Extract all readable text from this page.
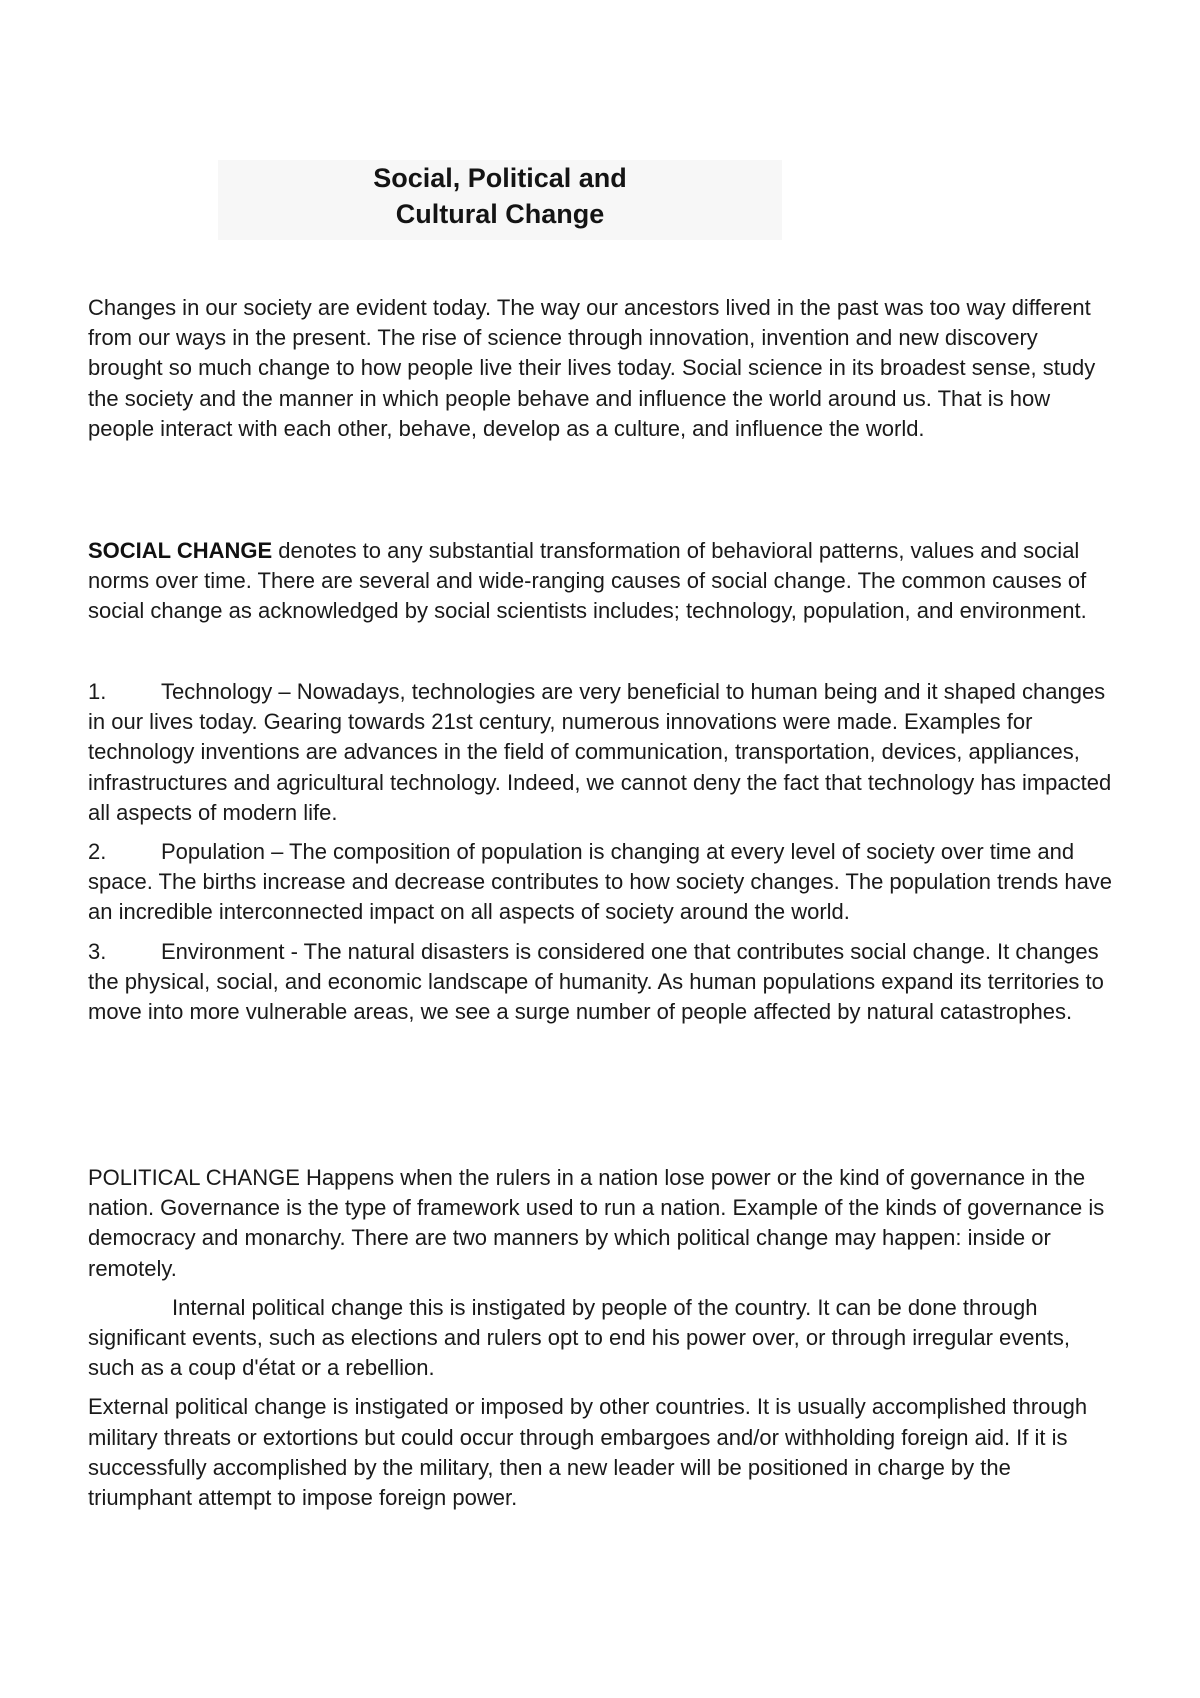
Social, Political and
Cultural Change

Changes in our society are evident today. The way our ancestors lived in the past was too way different from our ways in the present. The rise of science through innovation, invention and new discovery brought so much change to how people live their lives today. Social science in its broadest sense, study the society and the manner in which people behave and influence the world around us. That is how people interact with each other, behave, develop as a culture, and influence the world.

SOCIAL CHANGE denotes to any substantial transformation of behavioral patterns, values and social norms over time. There are several and wide-ranging causes of social change. The common causes of social change as acknowledged by social scientists includes; technology, population, and environment.

1. Technology – Nowadays, technologies are very beneficial to human being and it shaped changes in our lives today. Gearing towards 21st century, numerous innovations were made. Examples for technology inventions are advances in the field of communication, transportation, devices, appliances, infrastructures and agricultural technology. Indeed, we cannot deny the fact that technology has impacted all aspects of modern life.

2. Population – The composition of population is changing at every level of society over time and space. The births increase and decrease contributes to how society changes. The population trends have an incredible interconnected impact on all aspects of society around the world.

3. Environment - The natural disasters is considered one that contributes social change. It changes the physical, social, and economic landscape of humanity. As human populations expand its territories to move into more vulnerable areas, we see a surge number of people affected by natural catastrophes.

POLITICAL CHANGE Happens when the rulers in a nation lose power or the kind of governance in the nation. Governance is the type of framework used to run a nation. Example of the kinds of governance is democracy and monarchy. There are two manners by which political change may happen: inside or remotely.

Internal political change this is instigated by people of the country. It can be done through significant events, such as elections and rulers opt to end his power over, or through irregular events, such as a coup d'état or a rebellion.

External political change is instigated or imposed by other countries. It is usually accomplished through military threats or extortions but could occur through embargoes and/or withholding foreign aid. If it is successfully accomplished by the military, then a new leader will be positioned in charge by the triumphant attempt to impose foreign power.
